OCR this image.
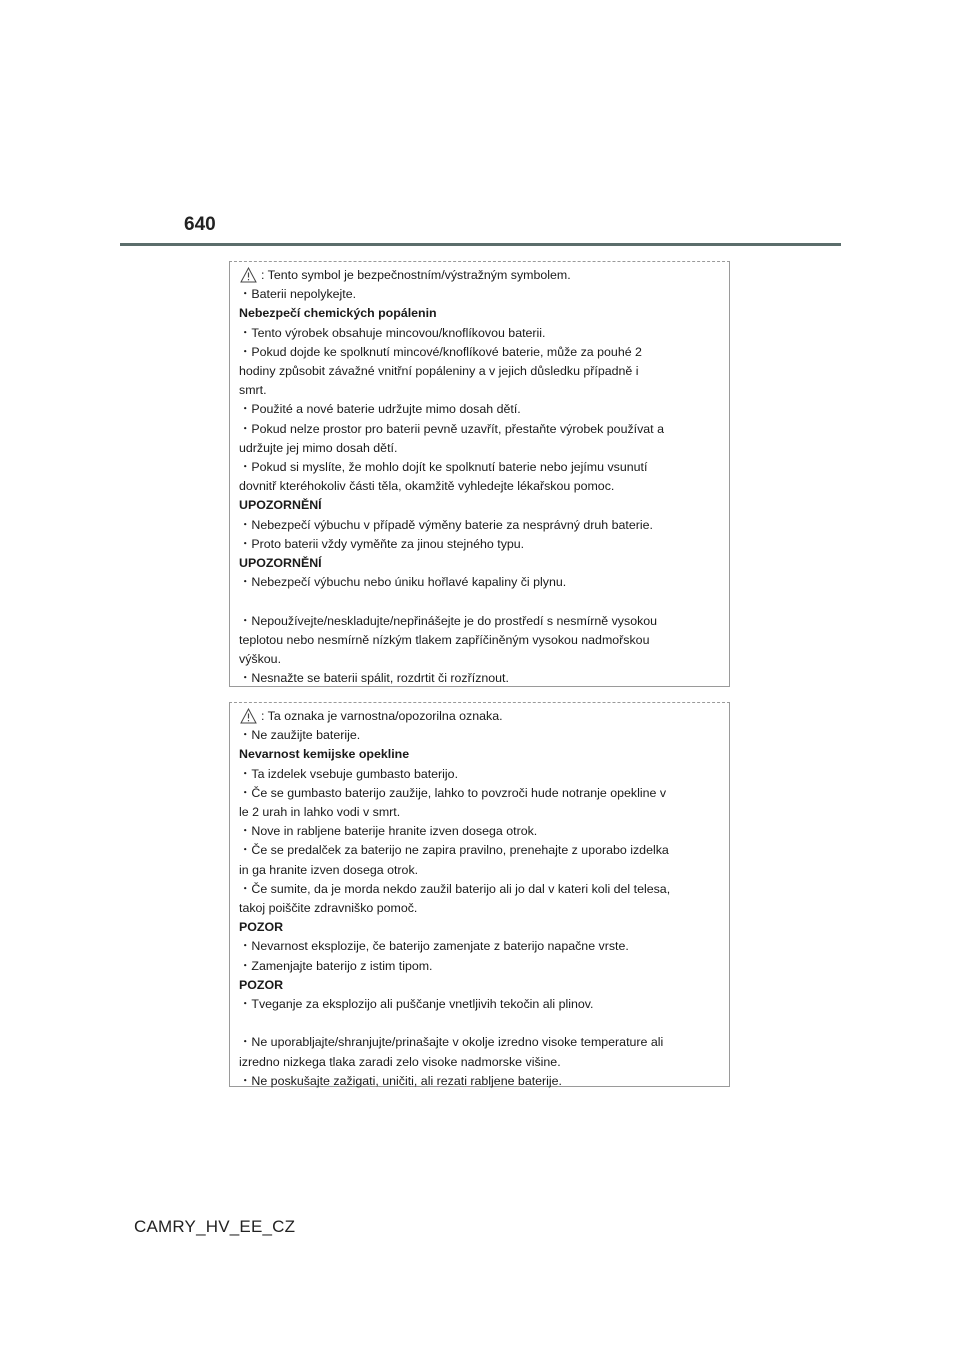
640
: Tento symbol je bezpečnostním/výstražným symbolem.
・Baterii nepolykejte.
Nebezpečí chemických popálenin
・Tento výrobek obsahuje mincovou/knoflíkovou baterii.
・Pokud dojde ke spolknutí mincové/knoflíkové baterie, může za pouhé 2
hodiny způsobit závažné vnitřní popáleniny a v jejich důsledku případně i
smrt.
・Použité a nové baterie udržujte mimo dosah dětí.
・Pokud nelze prostor pro baterii pevně uzavřít, přestaňte výrobek používat a
udržujte jej mimo dosah dětí.
・Pokud si myslíte, že mohlo dojít ke spolknutí baterie nebo jejímu vsunutí
dovnitř kteréhokoliv části těla, okamžitě vyhledejte lékařskou pomoc.
UPOZORNĚNÍ
・Nebezpečí výbuchu v případě výměny baterie za nesprávný druh baterie.
・Proto baterii vždy vyměňte za jinou stejného typu.
UPOZORNĚNÍ
・Nebezpečí výbuchu nebo úniku hořlavé kapaliny či plynu.
・Nepoužívejte/neskladujte/nepřinášejte je do prostředí s nesmírně vysokou
teplotou nebo nesmírně nízkým tlakem zapříčiněným vysokou nadmořskou
výškou.
・Nesnažte se baterii spálit, rozdrtit či rozříznout.
: Ta oznaka je varnostna/opozorilna oznaka.
・Ne zaužijte baterije.
Nevarnost kemijske opekline
・Ta izdelek vsebuje gumbasto baterijo.
・Če se gumbasto baterijo zaužije, lahko to povzroči hude notranje opekline v
le 2 urah in lahko vodi v smrt.
・Nove in rabljene baterije hranite izven dosega otrok.
・Če se predalček za baterijo ne zapira pravilno, prenehajte z uporabo izdelka
in ga hranite izven dosega otrok.
・Če sumite, da je morda nekdo zaužil baterijo ali jo dal v kateri koli del telesa,
takoj poiščite zdravniško pomoč.
POZOR
・Nevarnost eksplozije, če baterijo zamenjate z baterijo napačne vrste.
・Zamenjajte baterijo z istim tipom.
POZOR
・Tveganje za eksplozijo ali puščanje vnetljivih tekočin ali plinov.
・Ne uporabljajte/shranjujte/prinašajte v okolje izredno visoke temperature ali
izredno nizkega tlaka zaradi zelo visoke nadmorske višine.
・Ne poskušajte zažigati, uničiti, ali rezati rabljene baterije.
CAMRY_HV_EE_CZ
